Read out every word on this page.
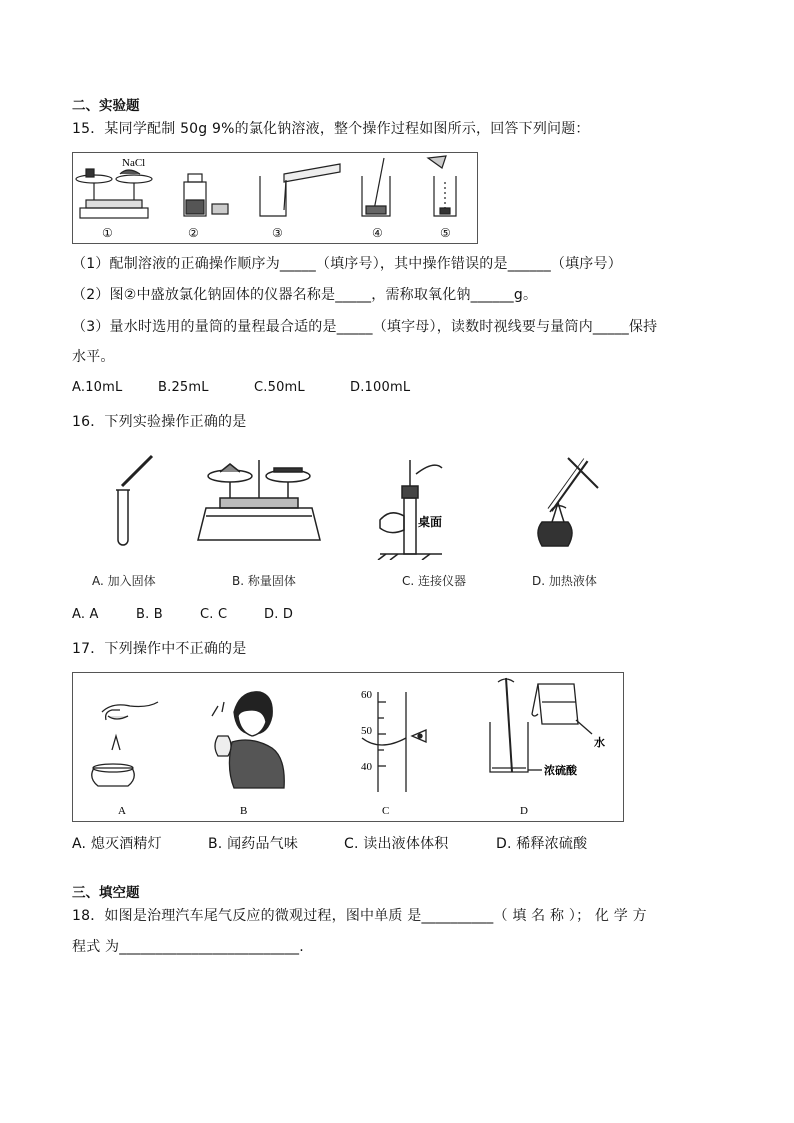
二、实验题
15．某同学配制 50g 9%的氯化钠溶液，整个操作过程如图所示，回答下列问题：
NaCl
①	②	③	④	⑤
（1）配制溶液的正确操作顺序为_____（填序号），其中操作错误的是______（填序号）
（2）图②中盛放氯化钠固体的仪器名称是_____，需称取氧化钠______g。
（3）量水时选用的量筒的量程最合适的是_____（填字母），读数时视线要与量筒内_____保持
水平。
A.10mL	B.25mL	C.50mL	D.100mL
16．下列实验操作正确的是
桌面
A. 加入固体	B. 称量固体	C. 连接仪器	D. 加热液体
A. A	B. B	C. C	D. D
17．下列操作中不正确的是
60
50
40
水
浓硫酸
A	B	C	D
A. 熄灭酒精灯	B. 闻药品气味	C. 读出液体体积	D. 稀释浓硫酸
三、填空题
18．如图是治理汽车尾气反应的微观过程，图中单质 是__________（ 填 名 称 ）； 化 学 方
程式 为_________________________.
